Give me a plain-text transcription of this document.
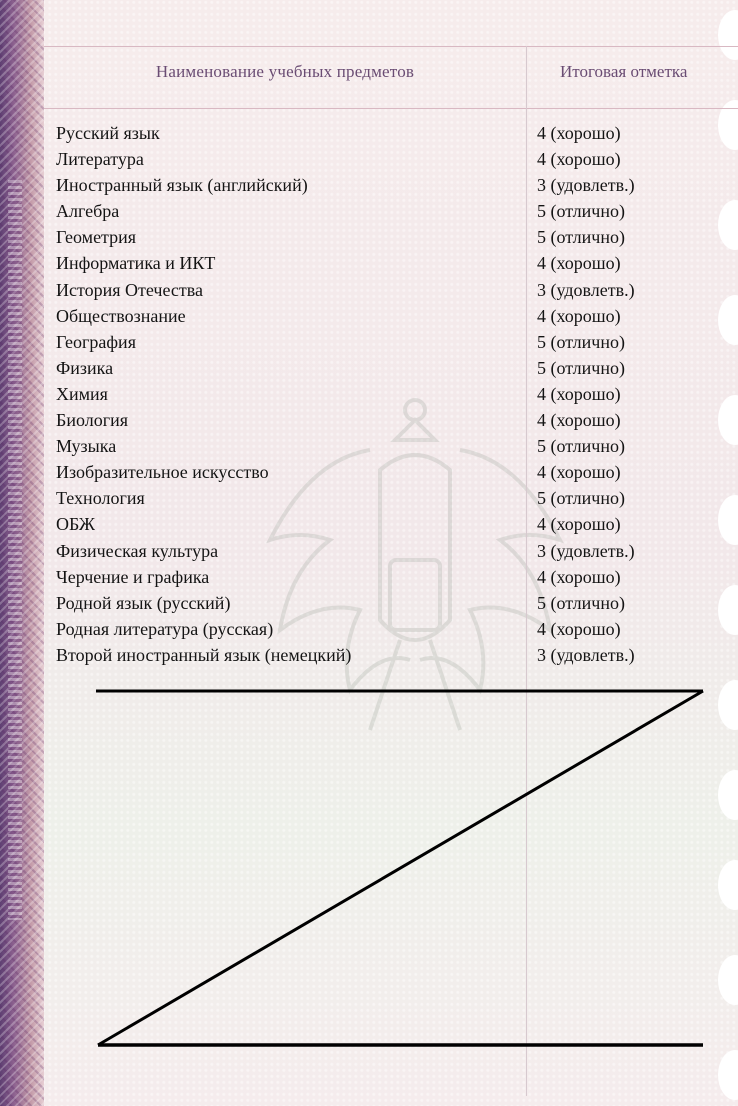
Наименование учебных предметов	Итоговая отметка
Русский язык	4 (хорошо)
Литература	4 (хорошо)
Иностранный язык (английский)	3 (удовлетв.)
Алгебра	5 (отлично)
Геометрия	5 (отлично)
Информатика и ИКТ	4 (хорошо)
История Отечества	3 (удовлетв.)
Обществознание	4 (хорошо)
География	5 (отлично)
Физика	5 (отлично)
Химия	4 (хорошо)
Биология	4 (хорошо)
Музыка	5 (отлично)
Изобразительное искусство	4 (хорошо)
Технология	5 (отлично)
ОБЖ	4 (хорошо)
Физическая культура	3 (удовлетв.)
Черчение и графика	4 (хорошо)
Родной язык (русский)	5 (отлично)
Родная литература (русская)	4 (хорошо)
Второй иностранный язык (немецкий)	3 (удовлетв.)
